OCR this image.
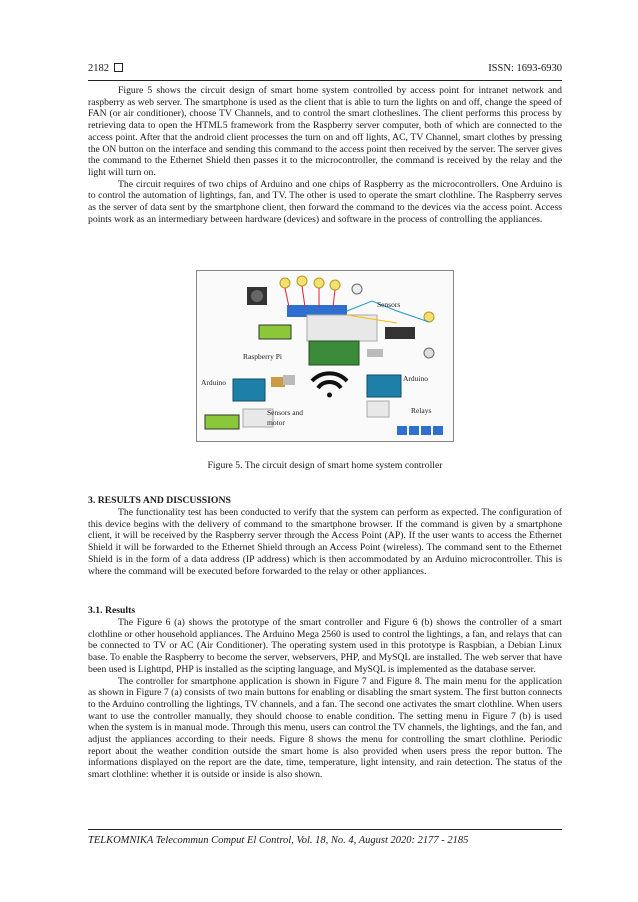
2182	ISSN: 1693-6930

Figure 5 shows the circuit design of smart home system controlled by access point for intranet network and raspberry as web server. The smartphone is used as the client that is able to turn the lights on and off, change the speed of FAN (or air conditioner), choose TV Channels, and to control the smart clotheslines. The client performs this process by retrieving data to open the HTML5 framework from the Raspberry server computer, both of which are connected to the access point. After that the android client processes the turn on and off lights, AC, TV Channel, smart clothes by pressing the ON button on the interface and sending this command to the access point then received by the server. The server gives the command to the Ethernet Shield then passes it to the microcontroller, the command is received by the relay and the light will turn on.

The circuit requires of two chips of Arduino and one chips of Raspberry as the microcontrollers. One Arduino is to control the automation of lightings, fan, and TV. The other is used to operate the smart clothline. The Raspberry serves as the server of data sent by the smartphone client, then forward the command to the devices via the access point. Access points work as an intermediary between hardware (devices) and software in the process of controlling the appliances.

Sensors
Raspberry Pi
Arduino	Arduino
Sensors and
motor
Relays
Figure 5. The circuit design of smart home system controller
3. RESULTS AND DISCUSSIONS

The functionality test has been conducted to verify that the system can perform as expected. The configuration of this device begins with the delivery of command to the smartphone browser. If the command is given by a smartphone client, it will be received by the Raspberry server through the Access Point (AP). If the user wants to access the Ethernet Shield it will be forwarded to the Ethernet Shield through an Access Point (wireless). The command sent to the Ethernet Shield is in the form of a data address (IP address) which is then accommodated by an Arduino microcontroller. This is where the command will be executed before forwarded to the relay or other appliances.

3.1. Results

The Figure 6 (a) shows the prototype of the smart controller and Figure 6 (b) shows the controller of a smart clothline or other household appliances. The Arduino Mega 2560 is used to control the lightings, a fan, and relays that can be connected to TV or AC (Air Conditioner). The operating system used in this prototype is Raspbian, a Debian Linux base. To enable the Raspberry to become the server, webservers, PHP, and MySQL are installed. The web server that have been used is Lighttpd, PHP is installed as the scipting language, and MySQL is implemented as the database server.

The controller for smartphone application is shown in Figure 7 and Figure 8. The main menu for the application as shown in Figure 7 (a) consists of two main buttons for enabling or disabling the smart system. The first button connects to the Arduino controlling the lightings, TV channels, and a fan. The second one activates the smart clothline. When users want to use the controller manually, they should choose to enable condition. The setting menu in Figure 7 (b) is used when the system is in manual mode. Through this menu, users can control the TV channels, the lightings, and the fan, and adjust the appliances according to their needs. Figure 8 shows the menu for controlling the smart clothline. Periodic report about the weather condition outside the smart home is also provided when users press the repor button. The informations displayed on the report are the date, time, temperature, light intensity, and rain detection. The status of the smart clothline: whether it is outside or inside is also shown.

TELKOMNIKA Telecommun Comput El Control, Vol. 18, No. 4, August 2020: 2177 - 2185
